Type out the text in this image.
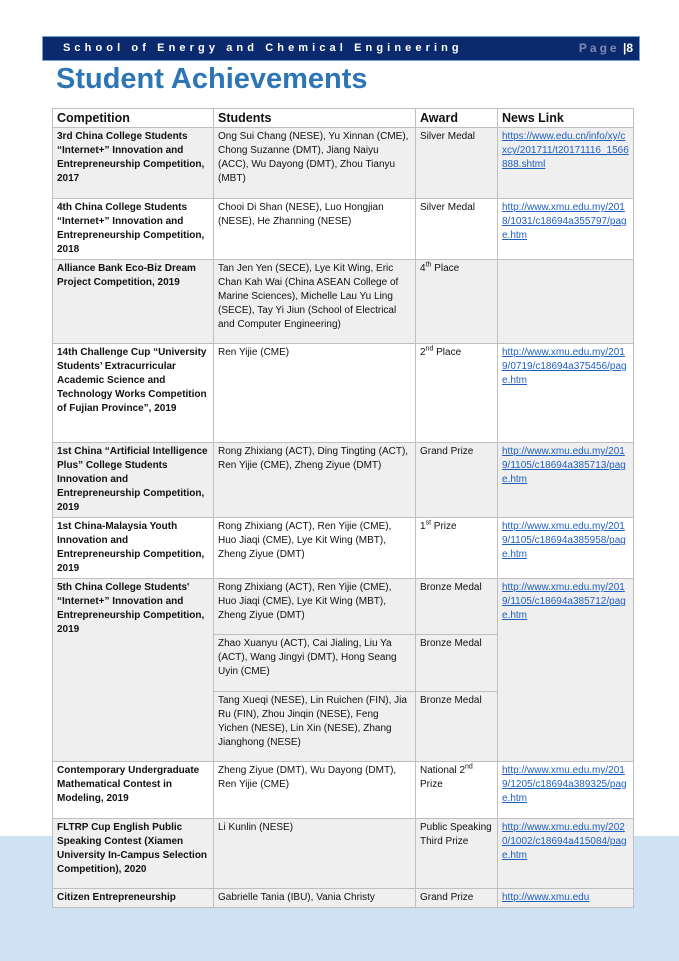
School of Energy and Chemical Engineering	Page |8
Student Achievements
Competition	Students	Award	News Link
3rd China College Students “Internet+” Innovation and Entrepreneurship Competition, 2017	Ong Sui Chang (NESE), Yu Xinnan (CME), Chong Suzanne (DMT), Jiang Naiyu (ACC), Wu Dayong (DMT), Zhou Tianyu (MBT)	Silver Medal	https://www.edu.cn/info/xy/cxcy/201711/t20171116_1566888.shtml
4th China College Students “Internet+” Innovation and Entrepreneurship Competition, 2018	Chooi Di Shan (NESE), Luo Hongjian (NESE), He Zhanning (NESE)	Silver Medal	http://www.xmu.edu.my/2018/1031/c18694a355797/page.htm
Alliance Bank Eco-Biz Dream Project Competition, 2019	Tan Jen Yen (SECE), Lye Kit Wing, Eric Chan Kah Wai (China ASEAN College of Marine Sciences), Michelle Lau Yu Ling (SECE), Tay Yi Jiun (School of Electrical and Computer Engineering)	4th Place	
14th Challenge Cup “University Students’ Extracurricular Academic Science and Technology Works Competition of Fujian Province”, 2019	Ren Yijie (CME)	2nd Place	http://www.xmu.edu.my/2019/0719/c18694a375456/page.htm
1st China “Artificial Intelligence Plus” College Students Innovation and Entrepreneurship Competition, 2019	Rong Zhixiang (ACT), Ding Tingting (ACT), Ren Yijie (CME), Zheng Ziyue (DMT)	Grand Prize	http://www.xmu.edu.my/2019/1105/c18694a385713/page.htm
1st China-Malaysia Youth Innovation and Entrepreneurship Competition, 2019	Rong Zhixiang (ACT), Ren Yijie (CME), Huo Jiaqi (CME), Lye Kit Wing (MBT), Zheng Ziyue (DMT)	1st Prize	http://www.xmu.edu.my/2019/1105/c18694a385958/page.htm
5th China College Students' “Internet+” Innovation and Entrepreneurship Competition, 2019	Rong Zhixiang (ACT), Ren Yijie (CME), Huo Jiaqi (CME), Lye Kit Wing (MBT), Zheng Ziyue (DMT)	Bronze Medal	http://www.xmu.edu.my/2019/1105/c18694a385712/page.htm
	Zhao Xuanyu (ACT), Cai Jialing, Liu Ya (ACT), Wang Jingyi (DMT), Hong Seang Uyin (CME)	Bronze Medal	
	Tang Xueqi (NESE), Lin Ruichen (FIN), Jia Ru (FIN), Zhou Jinqin (NESE), Feng Yichen (NESE), Lin Xin (NESE), Zhang Jianghong (NESE)	Bronze Medal	
Contemporary Undergraduate Mathematical Contest in Modeling, 2019	Zheng Ziyue (DMT), Wu Dayong (DMT), Ren Yijie (CME)	National 2nd Prize	http://www.xmu.edu.my/2019/1205/c18694a389325/page.htm
FLTRP Cup English Public Speaking Contest (Xiamen University In-Campus Selection Competition), 2020	Li Kunlin (NESE)	Public Speaking Third Prize	http://www.xmu.edu.my/2020/1002/c18694a415084/page.htm
Citizen Entrepreneurship	Gabrielle Tania (IBU), Vania Christy	Grand Prize	http://www.xmu.edu
